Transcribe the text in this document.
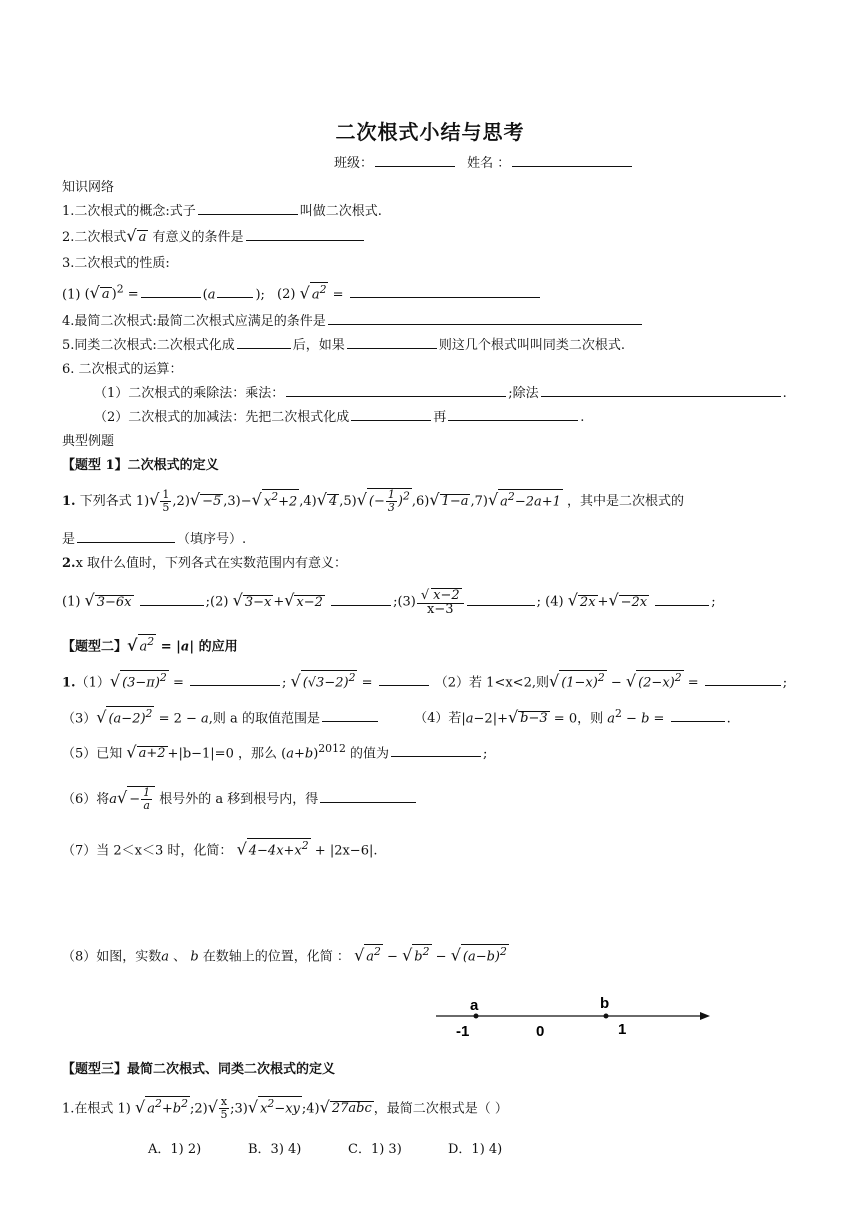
二次根式小结与思考
班级：	姓名 ：
知识网络
1.二次根式的概念:式子	叫做二次根式.
2.二次根式√ a 有意义的条件是
3.二次根式的性质:
(1) (√ a )$^2$ =	(a	); (2) √ $a^2$ =
4.最简二次根式:最简二次根式应满足的条件是
5.同类二次根式:二次根式化成	后，如果	则这几个根式叫叫同类二次根式.
6. 二次根式的运算：
（1）二次根式的乘除法：乘法：	;除法	.
（2）二次根式的加减法：先把二次根式化成	再	.
典型例题
【题型 1】二次根式的定义
1. 下列各式 $1)√ \frac{1}{5} ,2)√ -5$ ,3)−√ $x^2+2$ ,4)√ 4 ,5)√ (− $\frac{1}{3} )^2$ ,6)√ 1−a ,7)√ $a^2-2a+1$ ，其中是二次根式的
是	（填序号）.
2.x 取什么值时，下列各式在实数范围内有意义：
(1) √ 3−6x	;(2) √ 3−x +√ x−2	;(3) $\frac{√ x-2}{x-3}$	; (4) √ 2x +√ −2x	;
【题型二】√ $a^2 = |a|$ 的应用
1.（1）√ $(3-\pi)^2$ =	; √ $(√3-2)^2$ =	（2）若 1<x<2,则√ $(1-x)^2$ − √ $(2-x)^2$ =	;
（3）√ $(a-2)^2 = 2 - a$,则 a 的取值范围是	（4）若|a−2|+√ b−3 = 0，则 $a^2 - b$ =	.
（5）已知 √ a+2 +|b−1|=0 ，那么 $(a+b)^{2012}$ 的值为	;
（6）将$a√ - \frac{1}{a}$ 根号外的 a 移到根号内，得
（7）当 2＜x＜3 时，化简： √ $4-4x+x^2 + |2x-6|$.
（8）如图，实数a 、 b 在数轴上的位置，化简 ： √ $a^2$ − √ $b^2$ − √ $(a-b)^2$
a	b
-1	0	1
【题型三】最简二次根式、同类二次根式的定义
1.在根式 1) √ $a^2+b^2$ ;2)√ $\frac{x}{5}$ ;3)√ $x^2-xy$ ;4)√ 27abc ，最简二次根式是（ ）
A．1) 2)	B．3) 4)	C．1) 3)	D．1) 4)
